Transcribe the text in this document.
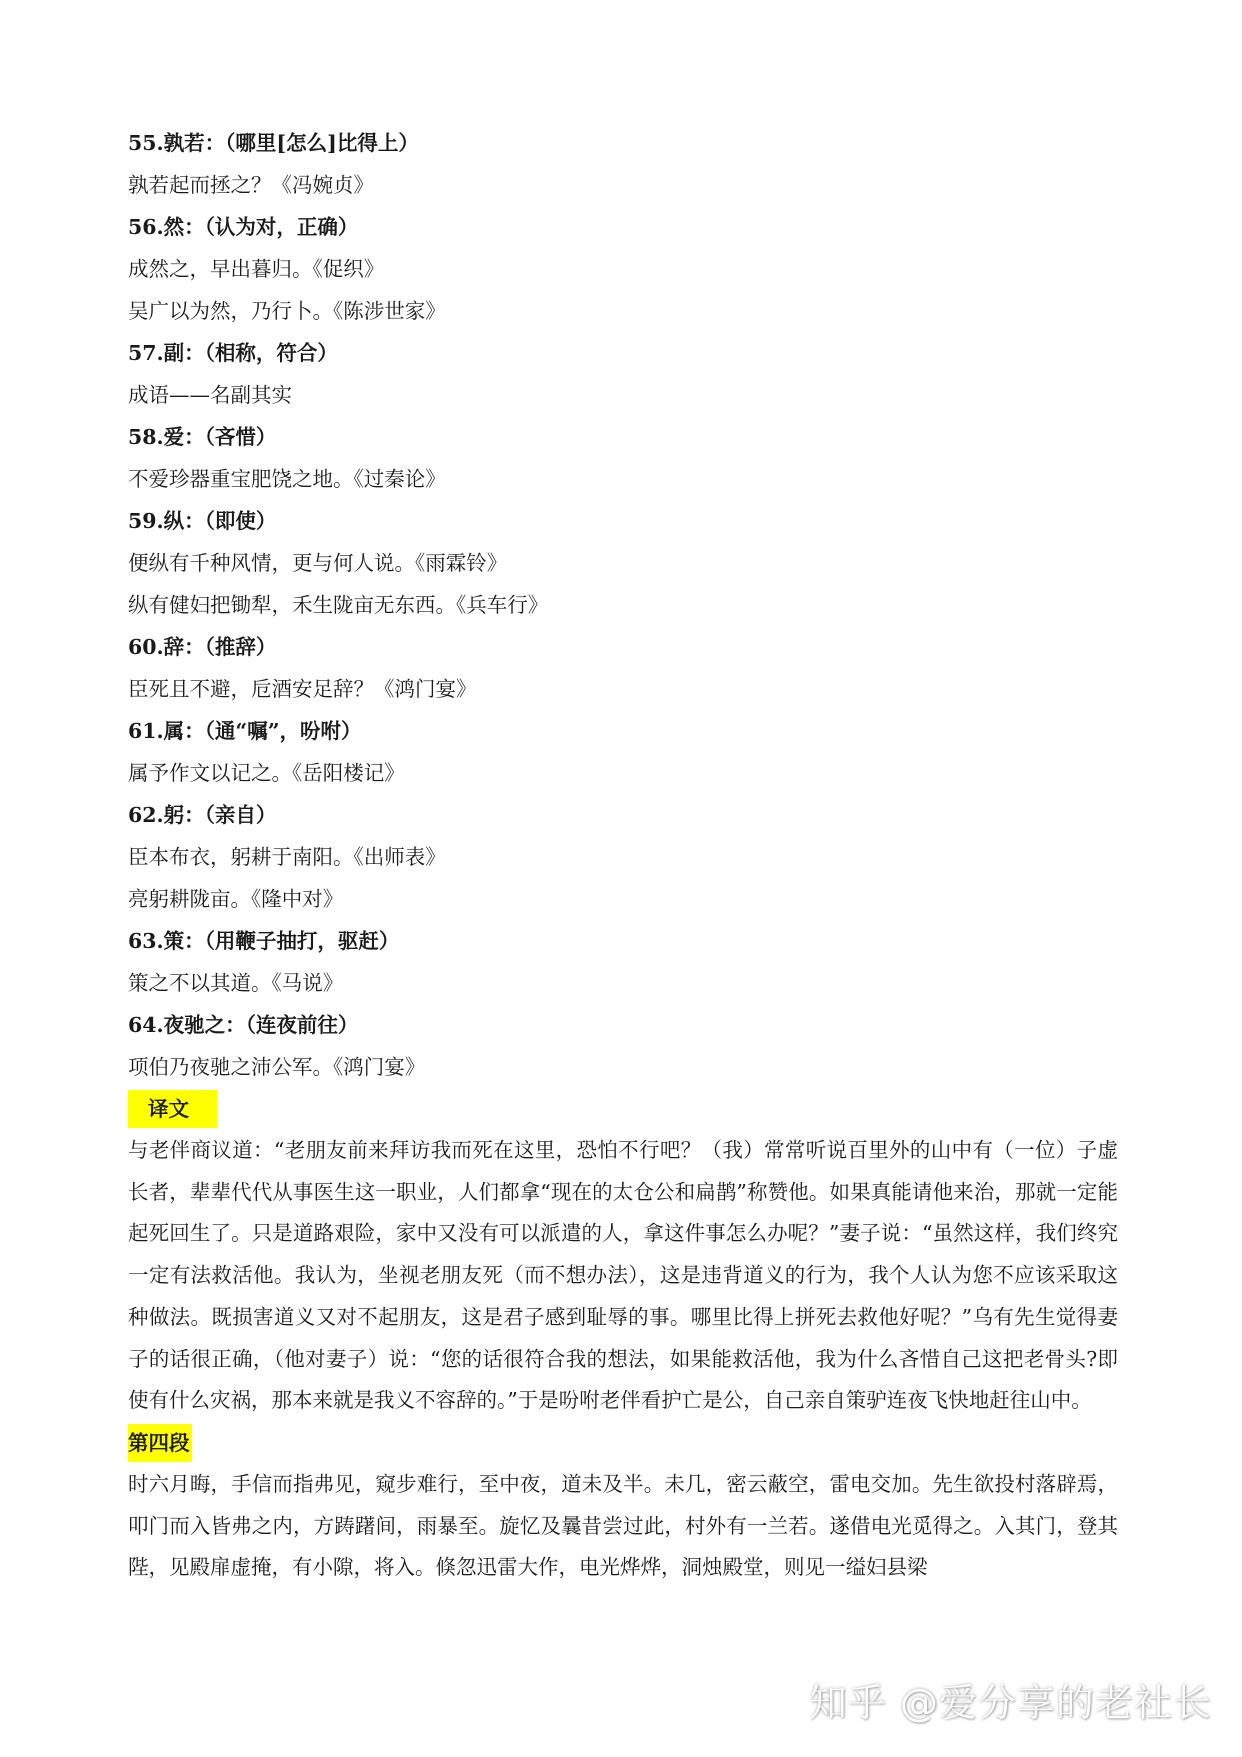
55.孰若：（哪里[怎么]比得上）
孰若起而拯之？《冯婉贞》
56.然：（认为对，正确）
成然之，早出暮归。《促织》
吴广以为然，乃行卜。《陈涉世家》
57.副：（相称，符合）
成语——名副其实
58.爱：（吝惜）
不爱珍器重宝肥饶之地。《过秦论》
59.纵：（即使）
便纵有千种风情，更与何人说。《雨霖铃》
纵有健妇把锄犁，禾生陇亩无东西。《兵车行》
60.辞：（推辞）
臣死且不避，卮酒安足辞？《鸿门宴》
61.属：（通“嘱”，吩咐）
属予作文以记之。《岳阳楼记》
62.躬：（亲自）
臣本布衣，躬耕于南阳。《出师表》
亮躬耕陇亩。《隆中对》
63.策：（用鞭子抽打，驱赶）
策之不以其道。《马说》
64.夜驰之：（连夜前往）
项伯乃夜驰之沛公军。《鸿门宴》
译文
与老伴商议道：“老朋友前来拜访我而死在这里，恐怕不行吧？（我）常常听说百里外的山中有（一位）子虚长者，辈辈代代从事医生这一职业，人们都拿“现在的太仓公和扁鹊”称赞他。如果真能请他来治，那就一定能起死回生了。只是道路艰险，家中又没有可以派遣的人，拿这件事怎么办呢？”妻子说：“虽然这样，我们终究一定有法救活他。我认为，坐视老朋友死（而不想办法），这是违背道义的行为，我个人认为您不应该采取这种做法。既损害道义又对不起朋友，这是君子感到耻辱的事。哪里比得上拼死去救他好呢？”乌有先生觉得妻子的话很正确，（他对妻子）说：“您的话很符合我的想法，如果能救活他，我为什么吝惜自己这把老骨头?即使有什么灾祸，那本来就是我义不容辞的。”于是吩咐老伴看护亡是公，自己亲自策驴连夜飞快地赶往山中。
第四段
时六月晦，手信而指弗见，窥步难行，至中夜，道未及半。未几，密云蔽空，雷电交加。先生欲投村落辟焉，叩门而入皆弗之内，方踌躇间，雨暴至。旋忆及曩昔尝过此，村外有一兰若。遂借电光觅得之。入其门，登其陛，见殿扉虚掩，有小隙，将入。倏忽迅雷大作，电光烨烨，洞烛殿堂，则见一缢妇县梁
知乎 @爱分享的老社长
